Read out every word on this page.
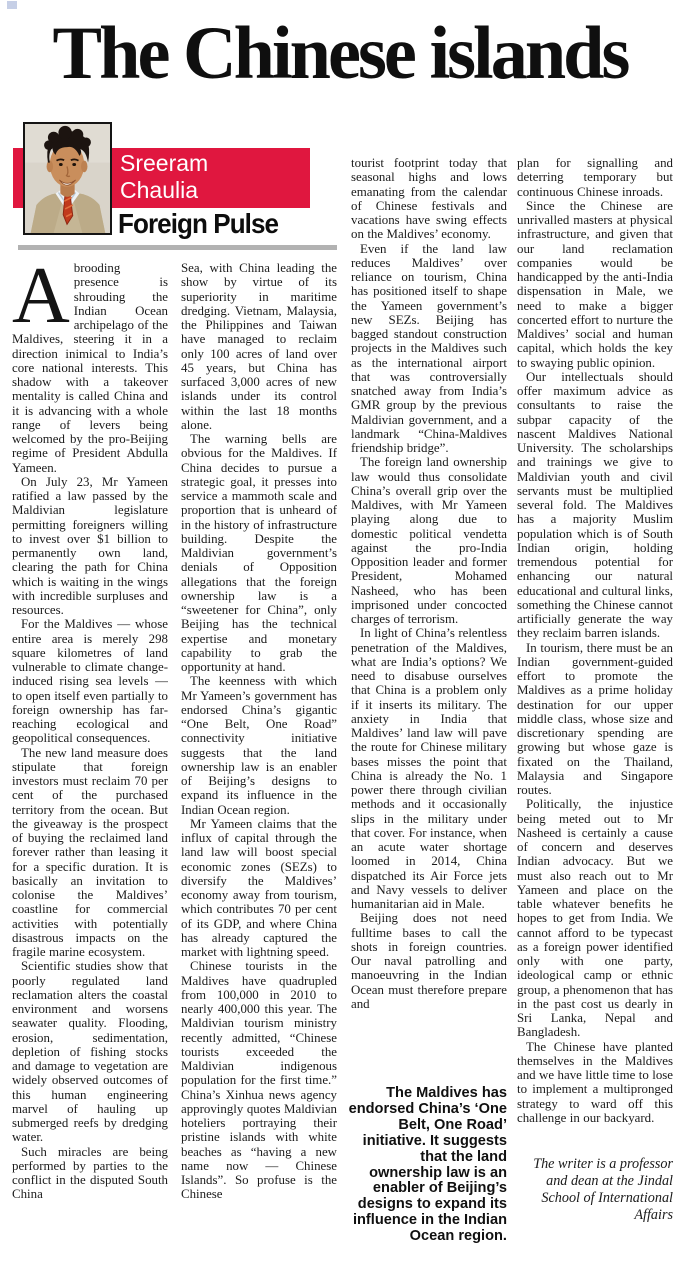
The Chinese islands
Sreeram
Chaulia
Foreign Pulse

Abrooding presence is shrouding the Indian Ocean archipelago of the Maldives, steering it in a direction inimical to India’s core national interests. This shadow with a takeover mentality is called China and it is advancing with a whole range of levers being welcomed by the pro-Beijing regime of President Abdulla Yameen.

On July 23, Mr Yameen ratified a law passed by the Maldivian legislature permitting foreigners willing to invest over $1 billion to permanently own land, clearing the path for China which is waiting in the wings with incredible surpluses and resources.

For the Maldives — whose entire area is merely 298 square kilometres of land vulnerable to climate change-induced rising sea levels — to open itself even partially to foreign ownership has far-reaching ecological and geopolitical consequences.

The new land measure does stipulate that foreign investors must reclaim 70 per cent of the purchased territory from the ocean. But the giveaway is the prospect of buying the reclaimed land forever rather than leasing it for a specific duration. It is basically an invitation to colonise the Maldives’ coastline for commercial activities with potentially disastrous impacts on the fragile marine ecosystem.

Scientific studies show that poorly regulated land reclamation alters the coastal environment and worsens seawater quality. Flooding, erosion, sedimentation, depletion of fishing stocks and damage to vegetation are widely observed outcomes of this human engineering marvel of hauling up submerged reefs by dredging water.

Such miracles are being performed by parties to the conflict in the disputed South China

Sea, with China leading the show by virtue of its superiority in maritime dredging. Vietnam, Malaysia, the Philippines and Taiwan have managed to reclaim only 100 acres of land over 45 years, but China has surfaced 3,000 acres of new islands under its control within the last 18 months alone.

The warning bells are obvious for the Maldives. If China decides to pursue a strategic goal, it presses into service a mammoth scale and proportion that is unheard of in the history of infrastructure building. Despite the Maldivian government’s denials of Opposition allegations that the foreign ownership law is a “sweetener for China”, only Beijing has the technical expertise and monetary capability to grab the opportunity at hand.

The keenness with which Mr Yameen’s government has endorsed China’s gigantic “One Belt, One Road” connectivity initiative suggests that the land ownership law is an enabler of Beijing’s designs to expand its influence in the Indian Ocean region.

Mr Yameen claims that the influx of capital through the land law will boost special economic zones (SEZs) to diversify the Maldives’ economy away from tourism, which contributes 70 per cent of its GDP, and where China has already captured the market with lightning speed.

Chinese tourists in the Maldives have quadrupled from 100,000 in 2010 to nearly 400,000 this year. The Maldivian tourism ministry recently admitted, “Chinese tourists exceeded the Maldivian indigenous population for the first time.” China’s Xinhua news agency approvingly quotes Maldivian hoteliers portraying their pristine islands with white beaches as “having a new name now — Chinese Islands”. So profuse is the Chinese

tourist footprint today that seasonal highs and lows emanating from the calendar of Chinese festivals and vacations have swing effects on the Maldives’ economy.

Even if the land law reduces Maldives’ over reliance on tourism, China has positioned itself to shape the Yameen government’s new SEZs. Beijing has bagged standout construction projects in the Maldives such as the international airport that was controversially snatched away from India’s GMR group by the previous Maldivian government, and a landmark “China-Maldives friendship bridge”.

The foreign land ownership law would thus consolidate China’s overall grip over the Maldives, with Mr Yameen playing along due to domestic political vendetta against the pro-India Opposition leader and former President, Mohamed Nasheed, who has been imprisoned under concocted charges of terrorism.

In light of China’s relentless penetration of the Maldives, what are India’s options? We need to disabuse ourselves that China is a problem only if it inserts its military. The anxiety in India that Maldives’ land law will pave the route for Chinese military bases misses the point that China is already the No. 1 power there through civilian methods and it occasionally slips in the military under that cover. For instance, when an acute water shortage loomed in 2014, China dispatched its Air Force jets and Navy vessels to deliver humanitarian aid in Male.

Beijing does not need fulltime bases to call the shots in foreign countries. Our naval patrolling and manoeuvring in the Indian Ocean must therefore prepare and

The Maldives has endorsed China’s ‘One Belt, One Road’ initiative. It suggests that the land ownership law is an enabler of Beijing’s designs to expand its influence in the Indian Ocean region.

plan for signalling and deterring temporary but continuous Chinese inroads.

Since the Chinese are unrivalled masters at physical infrastructure, and given that our land reclamation companies would be handicapped by the anti-India dispensation in Male, we need to make a bigger concerted effort to nurture the Maldives’ social and human capital, which holds the key to swaying public opinion.

Our intellectuals should offer maximum advice as consultants to raise the subpar capacity of the nascent Maldives National University. The scholarships and trainings we give to Maldivian youth and civil servants must be multiplied several fold. The Maldives has a majority Muslim population which is of South Indian origin, holding tremendous potential for enhancing our natural educational and cultural links, something the Chinese cannot artificially generate the way they reclaim barren islands.

In tourism, there must be an Indian government-guided effort to promote the Maldives as a prime holiday destination for our upper middle class, whose size and discretionary spending are growing but whose gaze is fixated on the Thailand, Malaysia and Singapore routes.

Politically, the injustice being meted out to Mr Nasheed is certainly a cause of concern and deserves Indian advocacy. But we must also reach out to Mr Yameen and place on the table whatever benefits he hopes to get from India. We cannot afford to be typecast as a foreign power identified only with one party, ideological camp or ethnic group, a phenomenon that has in the past cost us dearly in Sri Lanka, Nepal and Bangladesh.

The Chinese have planted themselves in the Maldives and we have little time to lose to implement a multipronged strategy to ward off this challenge in our backyard.

The writer is a professor and dean at the Jindal School of International Affairs
